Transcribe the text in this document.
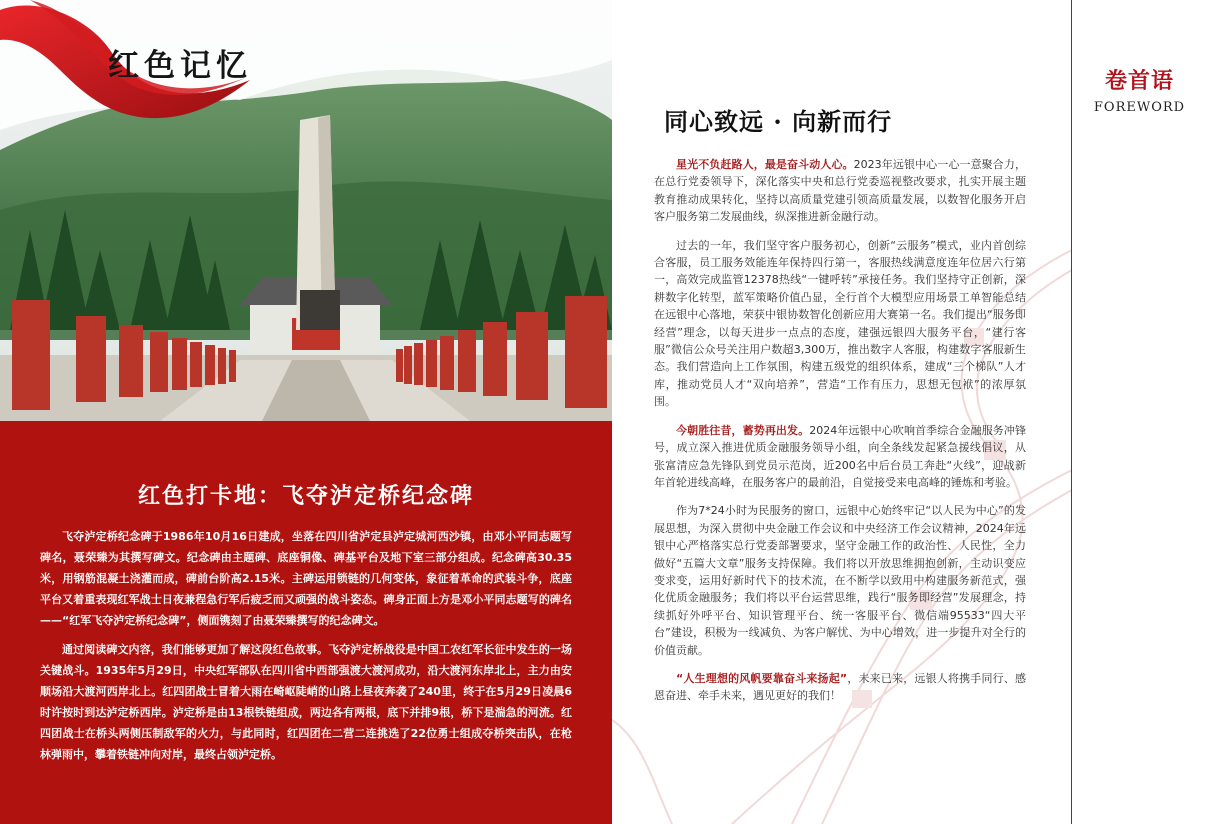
红色记忆
红色打卡地：飞夺泸定桥纪念碑

飞夺泸定桥纪念碑于1986年10月16日建成，坐落在四川省泸定县泸定城河西沙镇，由邓小平同志题写碑名，聂荣臻为其撰写碑文。纪念碑由主题碑、底座铜像、碑基平台及地下室三部分组成。纪念碑高30.35米，用钢筋混凝土浇灌而成，碑前台阶高2.15米。主碑运用锁链的几何变体，象征着革命的武装斗争，底座平台又着重表现红军战士日夜兼程急行军后疲乏而又顽强的战斗姿态。碑身正面上方是邓小平同志题写的碑名——“红军飞夺泸定桥纪念碑”，侧面镌刻了由聂荣臻撰写的纪念碑文。

通过阅读碑文内容，我们能够更加了解这段红色故事。飞夺泸定桥战役是中国工农红军长征中发生的一场关键战斗。1935年5月29日，中央红军部队在四川省中西部强渡大渡河成功，沿大渡河东岸北上，主力由安顺场沿大渡河西岸北上。红四团战士冒着大雨在崎岖陡峭的山路上昼夜奔袭了240里，终于在5月29日凌晨6时许按时到达泸定桥西岸。泸定桥是由13根铁链组成，两边各有两根，底下并排9根，桥下是湍急的河流。红四团战士在桥头两侧压制敌军的火力，与此同时，红四团在二营二连挑选了22位勇士组成夺桥突击队，在枪林弹雨中，攀着铁链冲向对岸，最终占领泸定桥。

同心致远 · 向新而行

星光不负赶路人，最是奋斗动人心。2023年远银中心一心一意聚合力，在总行党委领导下，深化落实中央和总行党委巡视整改要求，扎实开展主题教育推动成果转化，坚持以高质量党建引领高质量发展，以数智化服务开启客户服务第二发展曲线，纵深推进新金融行动。

过去的一年，我们坚守客户服务初心，创新“云服务”模式，业内首创综合客服，员工服务效能连年保持四行第一，客服热线满意度连年位居六行第一，高效完成监管12378热线“一键呼转”承接任务。我们坚持守正创新，深耕数字化转型，蓝军策略价值凸显，全行首个大模型应用场景工单智能总结在远银中心落地，荣获中银协数智化创新应用大赛第一名。我们提出“服务即经营”理念，以每天进步一点点的态度，建强远银四大服务平台，“建行客服”微信公众号关注用户数超3,300万，推出数字人客服，构建数字客服新生态。我们营造向上工作氛围，构建五级党的组织体系，建成“三个梯队”人才库，推动党员人才“双向培养”，营造“工作有压力，思想无包袱”的浓厚氛围。

今朝胜往昔，蓄势再出发。2024年远银中心吹响首季综合金融服务冲锋号，成立深入推进优质金融服务领导小组，向全条线发起紧急援线倡议，从张富清应急先锋队到党员示范岗，近200名中后台员工奔赴“火线”，迎战新年首轮进线高峰，在服务客户的最前沿，自觉接受来电高峰的锤炼和考验。

作为7*24小时为民服务的窗口，远银中心始终牢记“以人民为中心”的发展思想，为深入贯彻中央金融工作会议和中央经济工作会议精神，2024年远银中心严格落实总行党委部署要求，坚守金融工作的政治性、人民性，全力做好“五篇大文章”服务支持保障。我们将以开放思维拥抱创新，主动识变应变求变，运用好新时代下的技术流，在不断学以致用中构建服务新范式，强化优质金融服务；我们将以平台运营思维，践行“服务即经营”发展理念，持续抓好外呼平台、知识管理平台、统一客服平台、微信端95533“四大平台”建设，积极为一线减负、为客户解忧、为中心增效，进一步提升对全行的价值贡献。

“人生理想的风帆要靠奋斗来扬起”，未来已来，远银人将携手同行、感恩奋进、牵手未来，遇见更好的我们！

卷首语
FOREWORD
